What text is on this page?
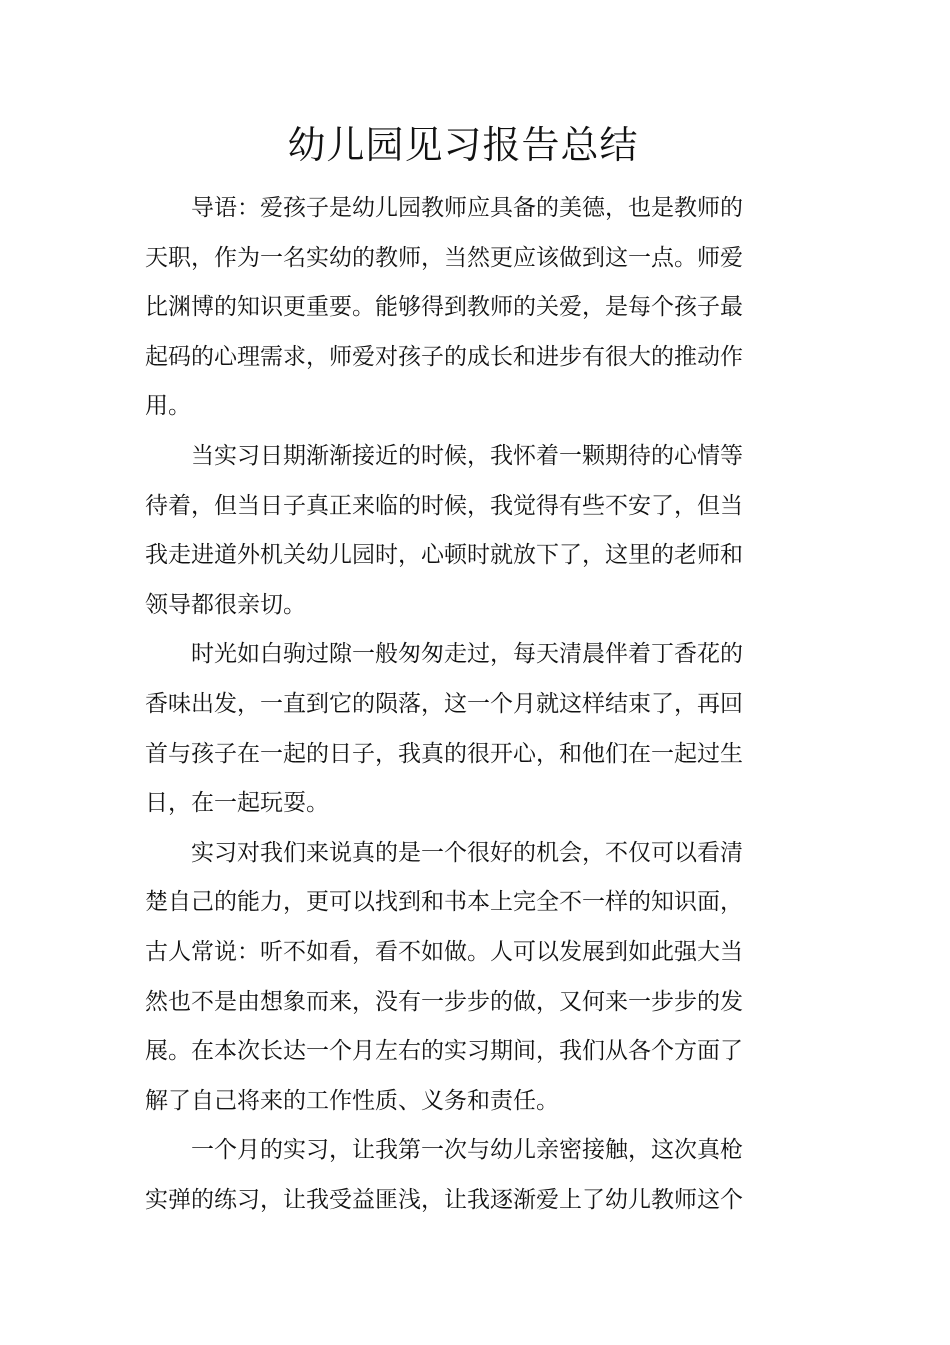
幼儿园见习报告总结

导语：爱孩子是幼儿园教师应具备的美德，也是教师的天职，作为一名实幼的教师，当然更应该做到这一点。师爱比渊博的知识更重要。能够得到教师的关爱，是每个孩子最起码的心理需求，师爱对孩子的成长和进步有很大的推动作用。

当实习日期渐渐接近的时候，我怀着一颗期待的心情等待着，但当日子真正来临的时候，我觉得有些不安了，但当我走进道外机关幼儿园时，心顿时就放下了，这里的老师和领导都很亲切。

时光如白驹过隙一般匆匆走过，每天清晨伴着丁香花的香味出发，一直到它的陨落，这一个月就这样结束了，再回首与孩子在一起的日子，我真的很开心，和他们在一起过生日，在一起玩耍。

实习对我们来说真的是一个很好的机会，不仅可以看清楚自己的能力，更可以找到和书本上完全不一样的知识面，古人常说：听不如看，看不如做。人可以发展到如此强大当然也不是由想象而来，没有一步步的做，又何来一步步的发展。在本次长达一个月左右的实习期间，我们从各个方面了解了自己将来的工作性质、义务和责任。

一个月的实习，让我第一次与幼儿亲密接触，这次真枪实弹的练习，让我受益匪浅，让我逐渐爱上了幼儿教师这个
